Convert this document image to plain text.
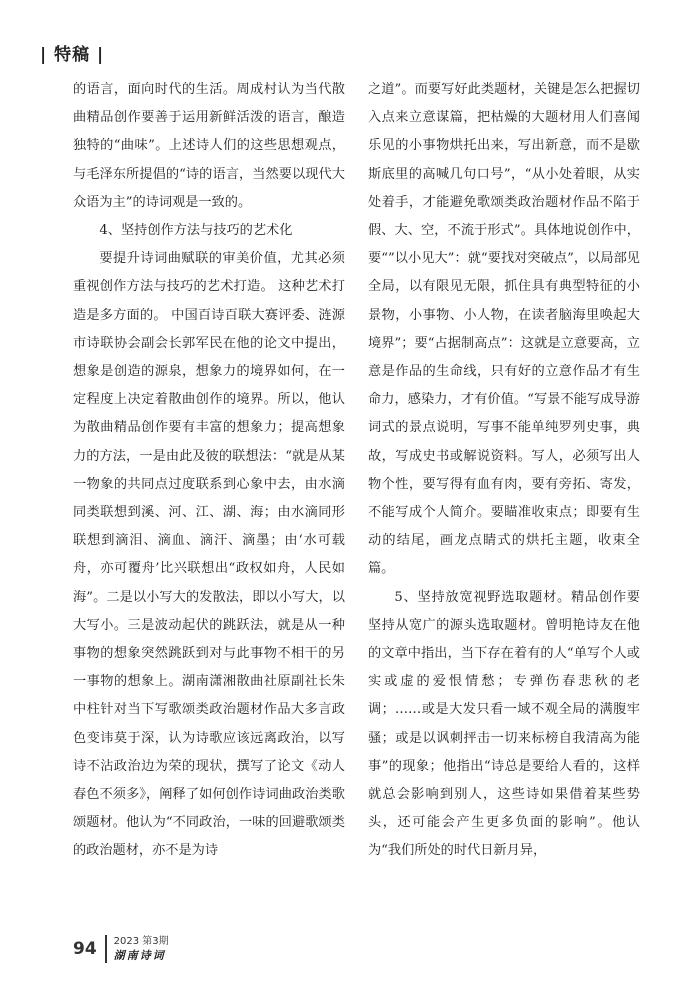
| 特稿 |

的语言，面向时代的生活。周成村认为当代散曲精品创作要善于运用新鲜活泼的语言，酿造独特的“曲味”。上述诗人们的这些思想观点，与毛泽东所提倡的“诗的语言，当然要以现代大众语为主”的诗词观是一致的。

4、坚持创作方法与技巧的艺术化

要提升诗词曲赋联的审美价值，尤其必须重视创作方法与技巧的艺术打造。 这种艺术打造是多方面的。 中国百诗百联大赛评委、涟源市诗联协会副会长郭军民在他的论文中提出，想象是创造的源泉，想象力的境界如何，在一定程度上决定着散曲创作的境界。所以，他认为散曲精品创作要有丰富的想象力；提高想象力的方法，一是由此及彼的联想法：“就是从某一物象的共同点过度联系到心象中去，由水滴同类联想到溪、河、江、湖、海；由水滴同形联想到滴泪、滴血、滴汗、滴墨；由‘水可载舟，亦可覆舟’比兴联想出“政权如舟，人民如海”。二是以小写大的发散法，即以小写大，以大写小。三是波动起伏的跳跃法，就是从一种事物的想象突然跳跃到对与此事物不相干的另一事物的想象上。湖南潇湘散曲社原副社长朱中柱针对当下写歌颂类政治题材作品大多言政色变讳莫于深，认为诗歌应该远离政治，以写诗不沾政治边为荣的现状，撰写了论文《动人春色不须多》，阐释了如何创作诗词曲政治类歌颂题材。他认为“不同政治，一味的回避歌颂类的政治题材，亦不是为诗

之道”。而要写好此类题材，关键是怎么把握切入点来立意谋篇，把枯燥的大题材用人们喜闻乐见的小事物烘托出来，写出新意，而不是歇斯底里的高喊几句口号”，“从小处着眼，从实处着手，才能避免歌颂类政治题材作品不陷于假、大、空，不流于形式”。具体地说创作中，要“”以小见大”：就“要找对突破点”，以局部见全局，以有限见无限，抓住具有典型特征的小景物，小事物、小人物，在读者脑海里唤起大境界”；要“占据制高点”：这就是立意要高，立意是作品的生命线，只有好的立意作品才有生命力，感染力，才有价值。“写景不能写成导游词式的景点说明，写事不能单纯罗列史事，典故，写成史书或解说资料。写人，必须写出人物个性，要写得有血有肉，要有旁拓、寄发，不能写成个人简介。要瞄准收束点；即要有生动的结尾，画龙点睛式的烘托主题，收束全篇。

5、坚持放宽视野选取题材。精品创作要坚持从宽广的源头选取题材。曾明艳诗友在他的文章中指出，当下存在着有的人“单写个人或实或虚的爱恨情愁；专弹伤春悲秋的老调；……或是大发只看一域不观全局的满腹牢骚；或是以讽刺抨击一切来标榜自我清高为能事”的现象；他指出“诗总是要给人看的，这样就总会影响到别人，这些诗如果借着某些势头，还可能会产生更多负面的影响”。他认为“我们所处的时代日新月异，

94 2023 第3期
湖南诗词
